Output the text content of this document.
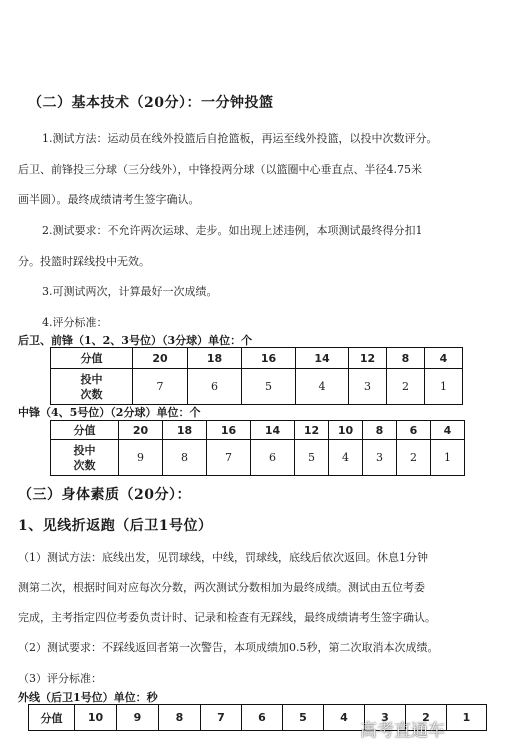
（二）基本技术（20分）：一分钟投篮
1.测试方法：运动员在线外投篮后自抢篮板，再运至线外投篮，以投中次数评分。
后卫、前锋投三分球（三分线外），中锋投两分球（以篮圈中心垂直点、半径4.75米
画半圆）。最终成绩请考生签字确认。
2.测试要求：不允许两次运球、走步。如出现上述违例，本项测试最终得分扣1
分。投篮时踩线投中无效。
3.可测试两次，计算最好一次成绩。
4.评分标准：
后卫、前锋（1、2、3号位）（3分球）单位：个
分值	20	18	16	14	12	8	4
投中
次数	7	6	5	4	3	2	1
中锋（4、5号位）（2分球）单位：个
分值	20	18	16	14	12	10	8	6	4
投中
次数	9	8	7	6	5	4	3	2	1
（三）身体素质（20分）：
1、见线折返跑（后卫1号位）
（1）测试方法：底线出发，见罚球线，中线，罚球线，底线后依次返回。休息1分钟
测第二次，根据时间对应每次分数，两次测试分数相加为最终成绩。测试由五位考委
完成，主考指定四位考委负责计时、记录和检查有无踩线，最终成绩请考生签字确认。
（2）测试要求：不踩线返回者第一次警告，本项成绩加0.5秒，第二次取消本次成绩。
（3）评分标准：
外线（后卫1号位）单位：秒
分值	10	9	8	7	6	5	4	3	2	1
高考直通车
